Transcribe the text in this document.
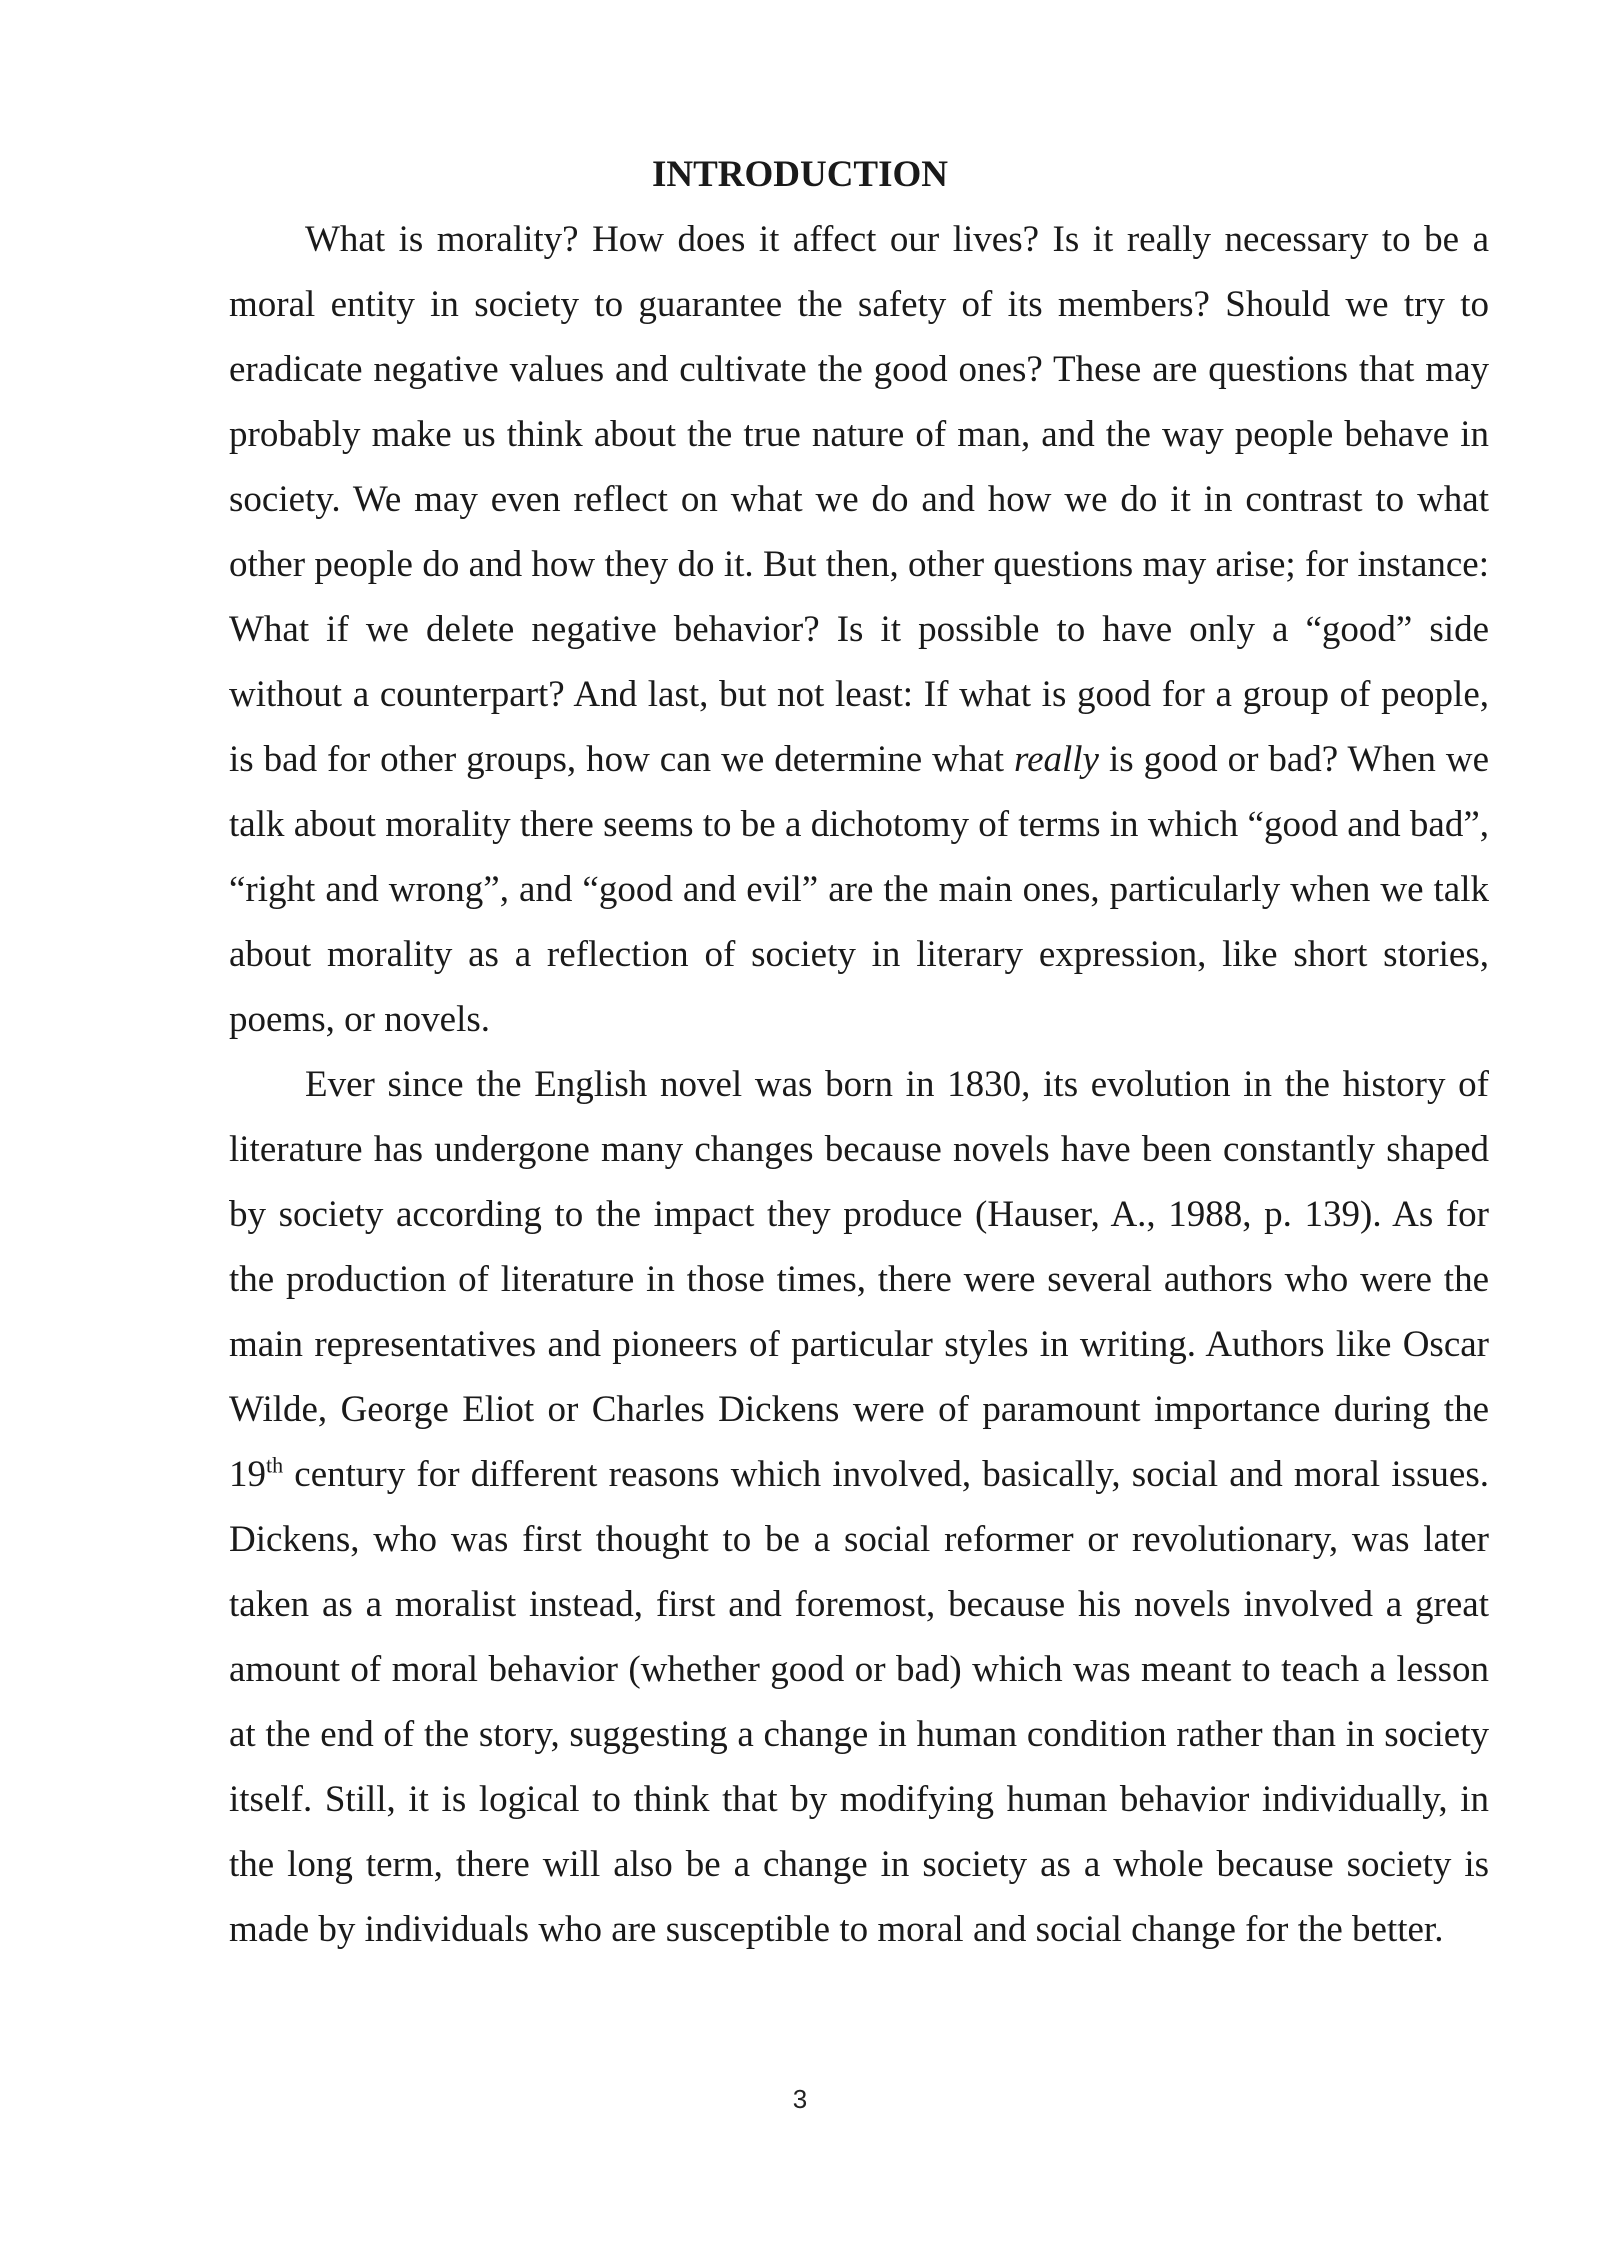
INTRODUCTION

What is morality? How does it affect our lives? Is it really necessary to be a moral entity in society to guarantee the safety of its members? Should we try to eradicate negative values and cultivate the good ones? These are questions that may probably make us think about the true nature of man, and the way people behave in society. We may even reflect on what we do and how we do it in contrast to what other people do and how they do it. But then, other questions may arise; for instance: What if we delete negative behavior? Is it possible to have only a “good” side without a counterpart? And last, but not least: If what is good for a group of people, is bad for other groups, how can we determine what really is good or bad? When we talk about morality there seems to be a dichotomy of terms in which “good and bad”, “right and wrong”, and “good and evil” are the main ones, particularly when we talk about morality as a reflection of society in literary expression, like short stories, poems, or novels.

Ever since the English novel was born in 1830, its evolution in the history of literature has undergone many changes because novels have been constantly shaped by society according to the impact they produce (Hauser, A., 1988, p. 139). As for the production of literature in those times, there were several authors who were the main representatives and pioneers of particular styles in writing. Authors like Oscar Wilde, George Eliot or Charles Dickens were of paramount importance during the 19th century for different reasons which involved, basically, social and moral issues. Dickens, who was first thought to be a social reformer or revolutionary, was later taken as a moralist instead, first and foremost, because his novels involved a great amount of moral behavior (whether good or bad) which was meant to teach a lesson at the end of the story, suggesting a change in human condition rather than in society itself. Still, it is logical to think that by modifying human behavior individually, in the long term, there will also be a change in society as a whole because society is made by individuals who are susceptible to moral and social change for the better.

3
